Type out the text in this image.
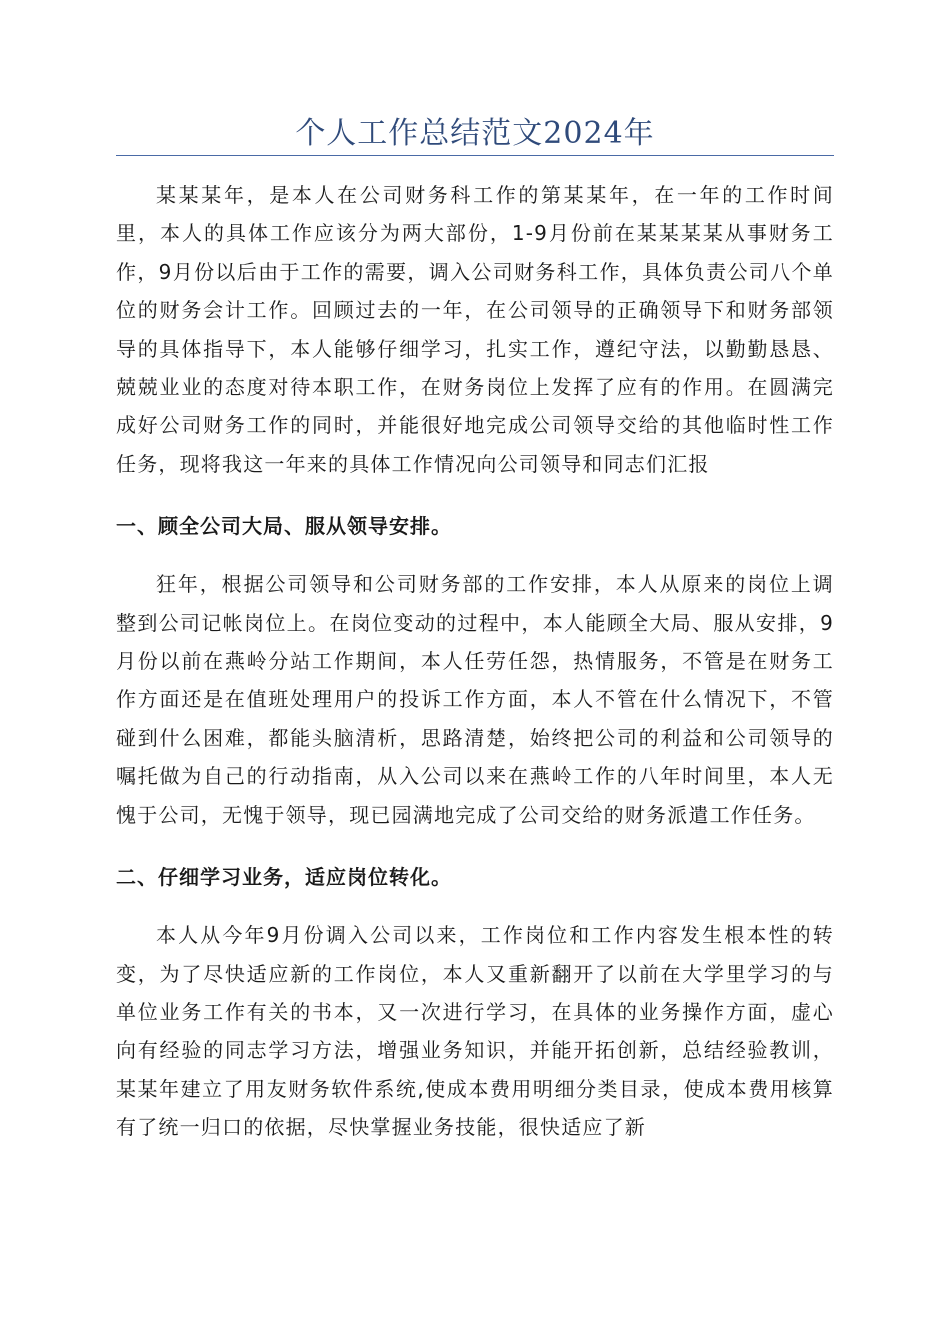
个人工作总结范文2024年

某某某年，是本人在公司财务科工作的第某某年，在一年的工作时间里，本人的具体工作应该分为两大部份，1-9月份前在某某某某从事财务工作，9月份以后由于工作的需要，调入公司财务科工作，具体负责公司八个单位的财务会计工作。回顾过去的一年，在公司领导的正确领导下和财务部领导的具体指导下，本人能够仔细学习，扎实工作，遵纪守法，以勤勤恳恳、兢兢业业的态度对待本职工作，在财务岗位上发挥了应有的作用。在圆满完成好公司财务工作的同时，并能很好地完成公司领导交给的其他临时性工作任务，现将我这一年来的具体工作情况向公司领导和同志们汇报

一、顾全公司大局、服从领导安排。

狂年，根据公司领导和公司财务部的工作安排，本人从原来的岗位上调整到公司记帐岗位上。在岗位变动的过程中，本人能顾全大局、服从安排，9月份以前在燕岭分站工作期间，本人任劳任怨，热情服务，不管是在财务工作方面还是在值班处理用户的投诉工作方面，本人不管在什么情况下，不管碰到什么困难，都能头脑清析，思路清楚，始终把公司的利益和公司领导的嘱托做为自己的行动指南，从入公司以来在燕岭工作的八年时间里，本人无愧于公司，无愧于领导，现已园满地完成了公司交给的财务派遣工作任务。

二、仔细学习业务，适应岗位转化。

本人从今年9月份调入公司以来，工作岗位和工作内容发生根本性的转变，为了尽快适应新的工作岗位，本人又重新翻开了以前在大学里学习的与单位业务工作有关的书本，又一次进行学习，在具体的业务操作方面，虚心向有经验的同志学习方法，增强业务知识，并能开拓创新，总结经验教训，某某年建立了用友财务软件系统,使成本费用明细分类目录，使成本费用核算有了统一归口的依据，尽快掌握业务技能，很快适应了新
